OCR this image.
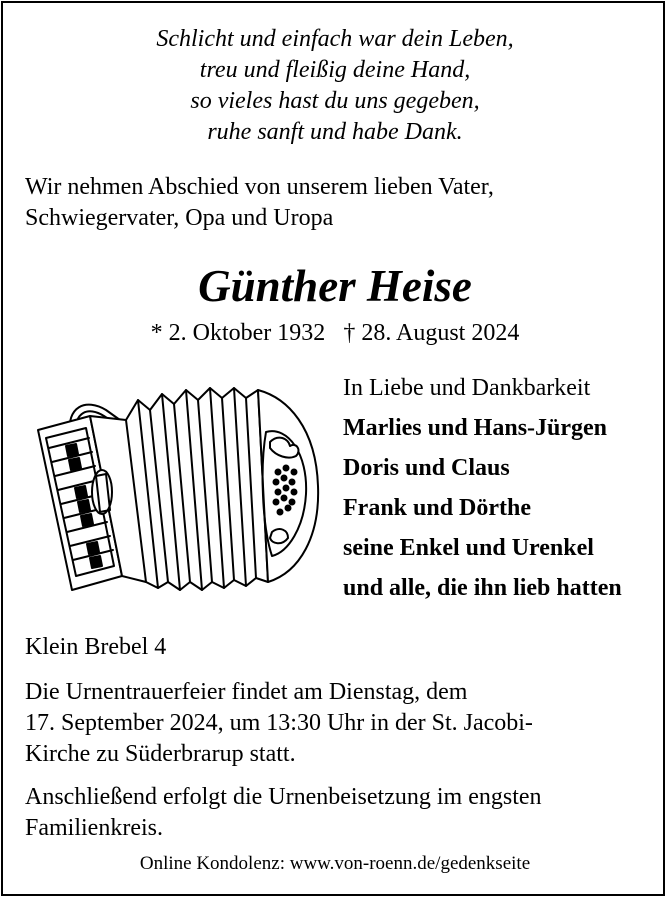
Schlicht und einfach war dein Leben,
treu und fleißig deine Hand,
so vieles hast du uns gegeben,
ruhe sanft und habe Dank.
Wir nehmen Abschied von unserem lieben Vater,
Schwiegervater, Opa und Uropa
Günther Heise
* 2. Oktober 1932 † 28. August 2024
In Liebe und Dankbarkeit
Marlies und Hans-Jürgen
Doris und Claus
Frank und Dörthe
seine Enkel und Urenkel
und alle, die ihn lieb hatten
Klein Brebel 4
Die Urnentrauerfeier findet am Dienstag, dem
17. September 2024, um 13:30 Uhr in der St. Jacobi-
Kirche zu Süderbrarup statt.
Anschließend erfolgt die Urnenbeisetzung im engsten
Familienkreis.
Online Kondolenz: www.von-roenn.de/gedenkseite
